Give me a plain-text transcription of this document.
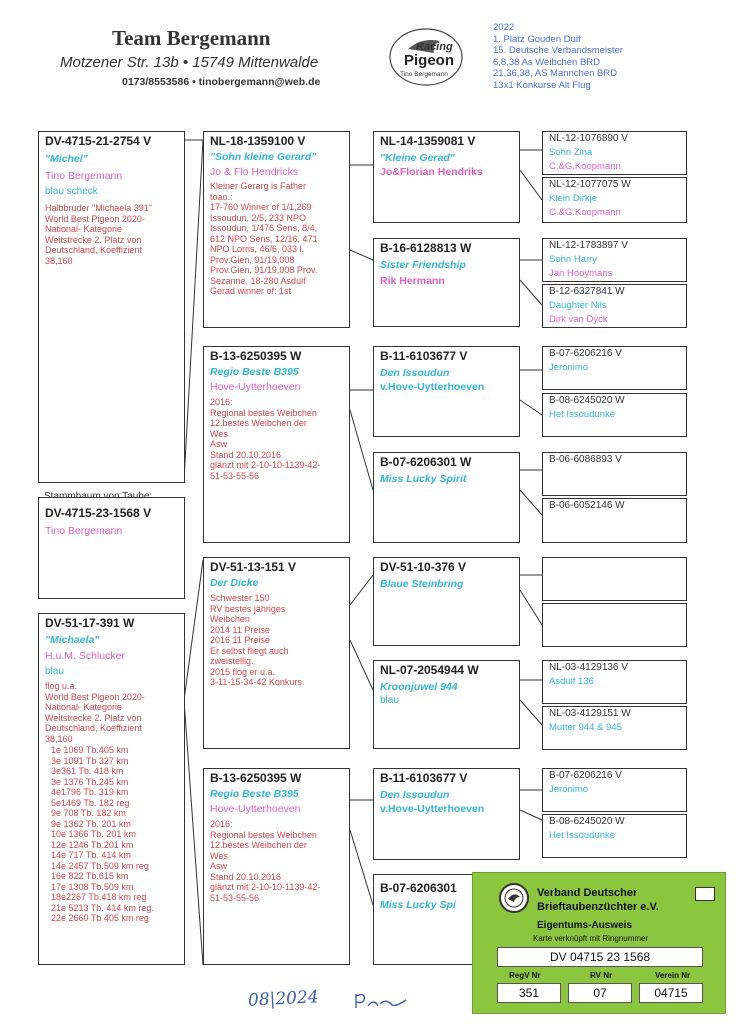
Team Bergemann
Motzener Str. 13b • 15749 Mittenwalde
0173/8553586 • tinobergemann@web.de
Racing
Pigeon
Tino Bergemann
2022
1. Platz Gouden Duif
15. Deutsche Verbandsmeister
6,8,38 As Weibchen BRD
21,36,38, AS Mannchen BRD
13x1 Konkurse Alt Flug
DV-4715-21-2754 V
"Michel"
Tino Bergemann
blau scheck
Halbbruder "Michaela 391"
World Best Pigeon 2020-
National- Kategorie
Weitstrecke 2. Platz von
Deutschland, Koeffizient
38,160
DV-4715-23-1568 V
Tino Bergemann
DV-51-17-391 W
"Michaela"
H.u.M. Schlucker
blau
flog u.a.
World Best Pigeon 2020-
National- Kategorie
Weitstrecke 2. Platz von
Deutschland, Koeffizient
38,160
1e 1069 Tb.405 km
3e 1091 Tb 327 km
3e361 Tb. 418 km
3e 1376 Tb.245 km
4e1796 Tb. 319 km
5e1469 Tb. 182 reg
9e 708 Tb. 182 km
9e 1362 Tb. 201 km
10e 1366 Tb. 201 km
12e 1246 Tb.201 km
14e 717 Tb. 414 km
14e 2457 Tb.509 km reg
16e 822 Tb.615 km
17e 1308 Tb.509 km
18e2267 Tb.418 km reg
21e 5213 Tb. 414 km reg.
22e 2660 Tb 405 km reg
NL-18-1359100 V
"Sohn kleine Gerard"
Jo & Flo Hendricks
Kleiner Gerarg is Father
toao.:
17-760 Winner of 1/1,269
Issoudun, 2/5, 233 NPO
Issoudun, 1/476 Sens, 8/4,
612 NPO Sens, 12/16, 471
NPO Lorris, 46/6, 033 l.
Prov.Gien, 91/19,008
Prov.Gien, 91/19,008 Prov.
Sezanne, 18-280 Asduif
Gerad winner of: 1st
B-13-6250395 W
Regio Beste B395
Hove-Uytterhoeven
2016:
Regional bestes Weibchen
12.bestes Weibchen der
Wes
Asw
Stand 20.10.2016
glänzt mit 2-10-10-1139-42-
51-53-55-56
DV-51-13-151 V
Der Dicke
Schwester 150
RV bestes jähriges
Weibchen
2014 11 Preise
2016 11 Preise
Er selbst fliegt auch
zweistellig.
2015 flog er u.a.
3-11-15-34-42 Konkurs.
B-13-6250395 W
Regio Beste B395
Hove-Uytterhoeven
2016:
Regional bestes Weibchen
12.bestes Weibchen der
Wes
Asw
Stand 20.10.2016
glänzt mit 2-10-10-1139-42-
51-53-55-56
NL-14-1359081 V
"Kleine Gerad"
Jo&Florian Hendriks
B-16-6128813 W
Sister Friendship
Rik Hermann
B-11-6103677 V
Den Issoudun
v.Hove-Uytterhoeven
B-07-6206301 W
Miss Lucky Spirit
DV-51-10-376 V
Blaue Steinbring
NL-07-2054944 W
Kroonjuwel 944
blau
B-11-6103677 V
Den Issoudun
v.Hove-Uytterhoeven
B-07-6206301
Miss Lucky Spi
NL-12-1076890 V
Sohn Zina
C.&G.Koopmann
NL-12-1077075 W
Klein Dirkje
C.&G.Koopmann
NL-12-1783897 V
Sohn Harry
Jan Hooymans
B-12-6327841 W
Daughter Nils
Dirk van Dyck
B-07-6206216 V
Jeronimo
B-08-6245020 W
Het Issoudunke
B-06-6086893 V
B-06-6052146 W
NL-03-4129136 V
Asduif 136
NL-03-4129151 W
Mutter 944 & 945
B-07-6206216 V
Jeronimo
B-08-6245020 W
Het Issoudunke
Verband Deutscher
Brieftaubenzüchter e.V.
Eigentums-Ausweis
Karte verknüpft mit Ringnummer
DV 04715 23 1568
RegV Nr	RV Nr	Verein Nr
351	07	04715
08|2024
